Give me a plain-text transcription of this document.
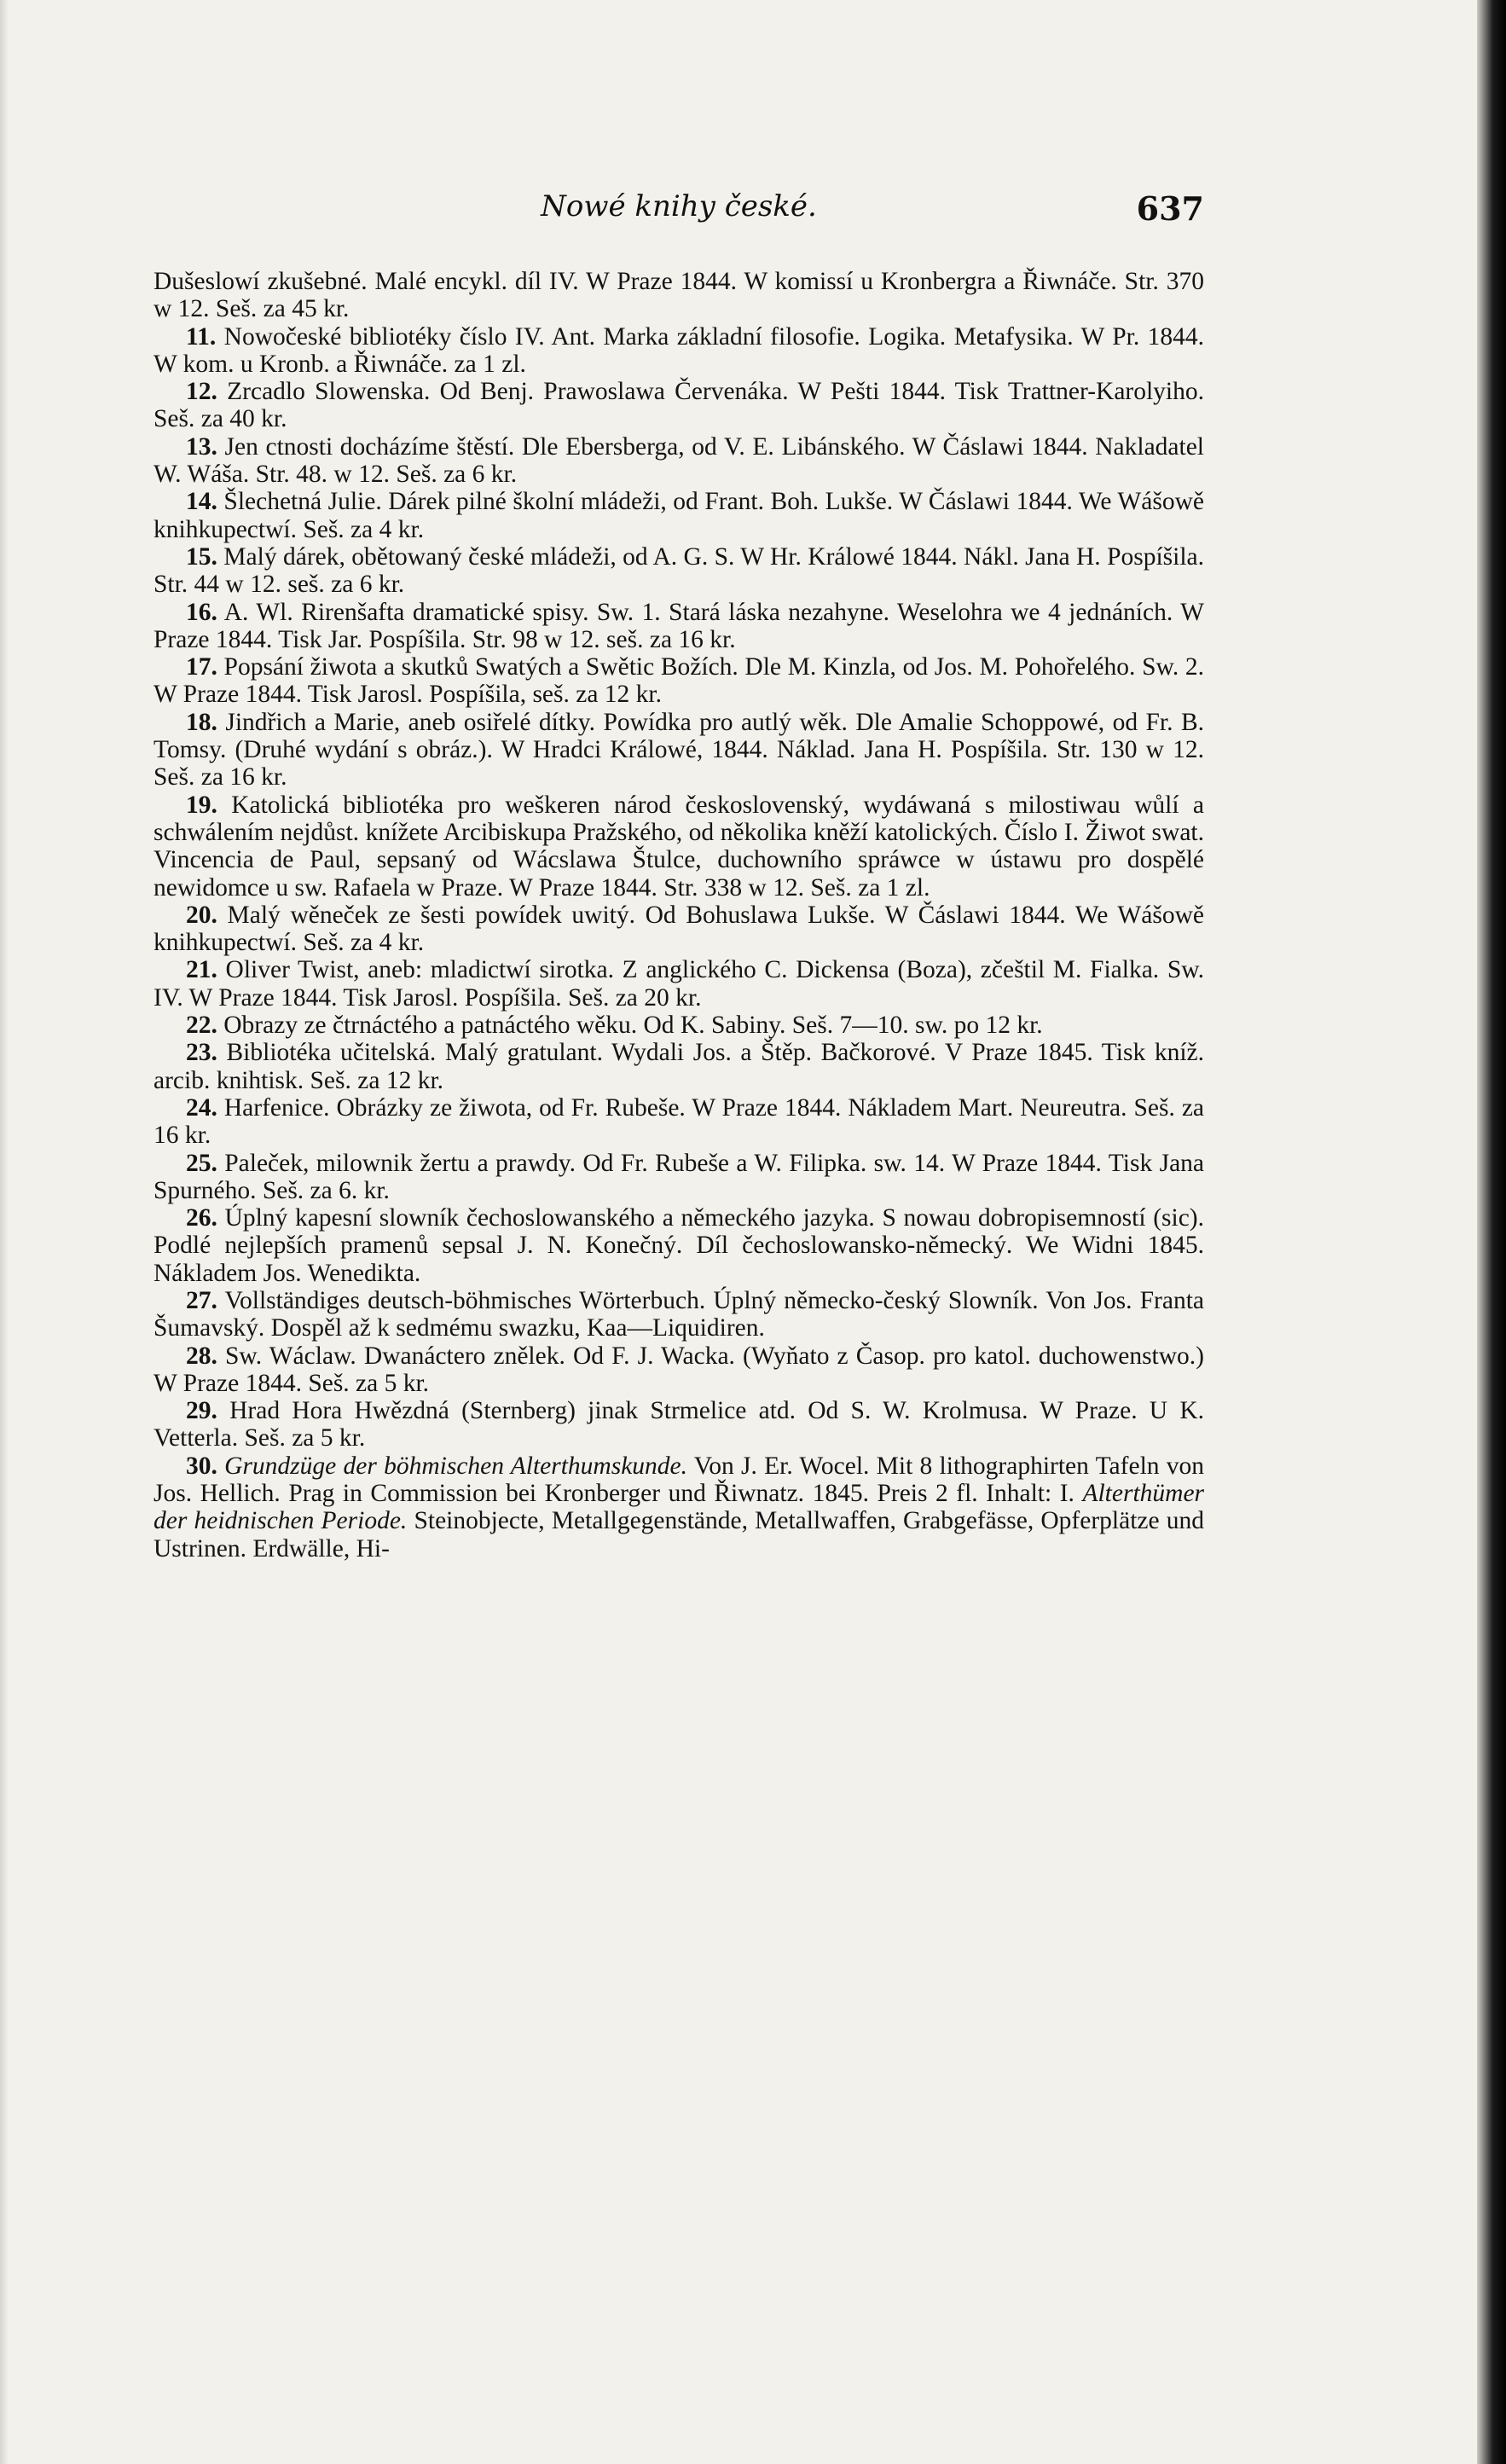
Nowé knihy české.	637

Dušeslowí zkušebné. Malé encykl. díl IV. W Praze 1844. W komissí u Kronbergra a Řiwnáče. Str. 370 w 12. Seš. za 45 kr.

11. Nowočeské bibliotéky číslo IV. Ant. Marka základní filosofie. Logika. Metafysika. W Pr. 1844. W kom. u Kronb. a Řiwnáče. za 1 zl.

12. Zrcadlo Slowenska. Od Benj. Prawoslawa Červenáka. W Pešti 1844. Tisk Trattner-Karolyiho. Seš. za 40 kr.

13. Jen ctnosti docházíme štěstí. Dle Ebersberga, od V. E. Libánského. W Čáslawi 1844. Nakladatel W. Wáša. Str. 48. w 12. Seš. za 6 kr.

14. Šlechetná Julie. Dárek pilné školní mládeži, od Frant. Boh. Lukše. W Čáslawi 1844. We Wášowě knihkupectwí. Seš. za 4 kr.

15. Malý dárek, obětowaný české mládeži, od A. G. S. W Hr. Králowé 1844. Nákl. Jana H. Pospíšila. Str. 44 w 12. seš. za 6 kr.

16. A. Wl. Rirenšafta dramatické spisy. Sw. 1. Stará láska nezahyne. Weselohra we 4 jednáních. W Praze 1844. Tisk Jar. Pospíšila. Str. 98 w 12. seš. za 16 kr.

17. Popsání žiwota a skutků Swatých a Swětic Božích. Dle M. Kinzla, od Jos. M. Pohořelého. Sw. 2. W Praze 1844. Tisk Jarosl. Pospíšila, seš. za 12 kr.

18. Jindřich a Marie, aneb osiřelé dítky. Powídka pro autlý wěk. Dle Amalie Schoppowé, od Fr. B. Tomsy. (Druhé wydání s obráz.). W Hradci Králowé, 1844. Náklad. Jana H. Pospíšila. Str. 130 w 12. Seš. za 16 kr.

19. Katolická bibliotéka pro weškeren národ československý, wydáwaná s milostiwau wůlí a schwálením nejdůst. knížete Arcibiskupa Pražského, od několika kněží katolických. Číslo I. Žiwot swat. Vincencia de Paul, sepsaný od Wácslawa Štulce, duchowního spráwce w ústawu pro dospělé newidomce u sw. Rafaela w Praze. W Praze 1844. Str. 338 w 12. Seš. za 1 zl.

20. Malý wěneček ze šesti powídek uwitý. Od Bohuslawa Lukše. W Čáslawi 1844. We Wášowě knihkupectwí. Seš. za 4 kr.

21. Oliver Twist, aneb: mladictwí sirotka. Z anglického C. Dickensa (Boza), zčeštil M. Fialka. Sw. IV. W Praze 1844. Tisk Jarosl. Pospíšila. Seš. za 20 kr.

22. Obrazy ze čtrnáctého a patnáctého wěku. Od K. Sabiny. Seš. 7—10. sw. po 12 kr.

23. Bibliotéka učitelská. Malý gratulant. Wydali Jos. a Štěp. Bačkorové. V Praze 1845. Tisk kníž. arcib. knihtisk. Seš. za 12 kr.

24. Harfenice. Obrázky ze žiwota, od Fr. Rubeše. W Praze 1844. Nákladem Mart. Neureutra. Seš. za 16 kr.

25. Paleček, milownik žertu a prawdy. Od Fr. Rubeše a W. Filipka. sw. 14. W Praze 1844. Tisk Jana Spurného. Seš. za 6. kr.

26. Úplný kapesní slowník čechoslowanského a německého jazyka. S nowau dobropisemností (sic). Podlé nejlepších pramenů sepsal J. N. Konečný. Díl čechoslowansko-německý. We Widni 1845. Nákladem Jos. Wenedikta.

27. Vollständiges deutsch-böhmisches Wörterbuch. Úplný německo-český Slowník. Von Jos. Franta Šumavský. Dospěl až k sedmému swazku, Kaa—Liquidiren.

28. Sw. Wáclaw. Dwanáctero znělek. Od F. J. Wacka. (Wyňato z Časop. pro katol. duchowenstwo.) W Praze 1844. Seš. za 5 kr.

29. Hrad Hora Hwězdná (Sternberg) jinak Strmelice atd. Od S. W. Krolmusa. W Praze. U K. Vetterla. Seš. za 5 kr.

30. Grundzüge der böhmischen Alterthumskunde. Von J. Er. Wocel. Mit 8 lithographirten Tafeln von Jos. Hellich. Prag in Commission bei Kronberger und Řiwnatz. 1845. Preis 2 fl. Inhalt: I. Alterthümer der heidnischen Periode. Steinobjecte, Metallgegenstände, Metallwaffen, Grabgefässe, Opferplätze und Ustrinen. Erdwälle, Hi-
